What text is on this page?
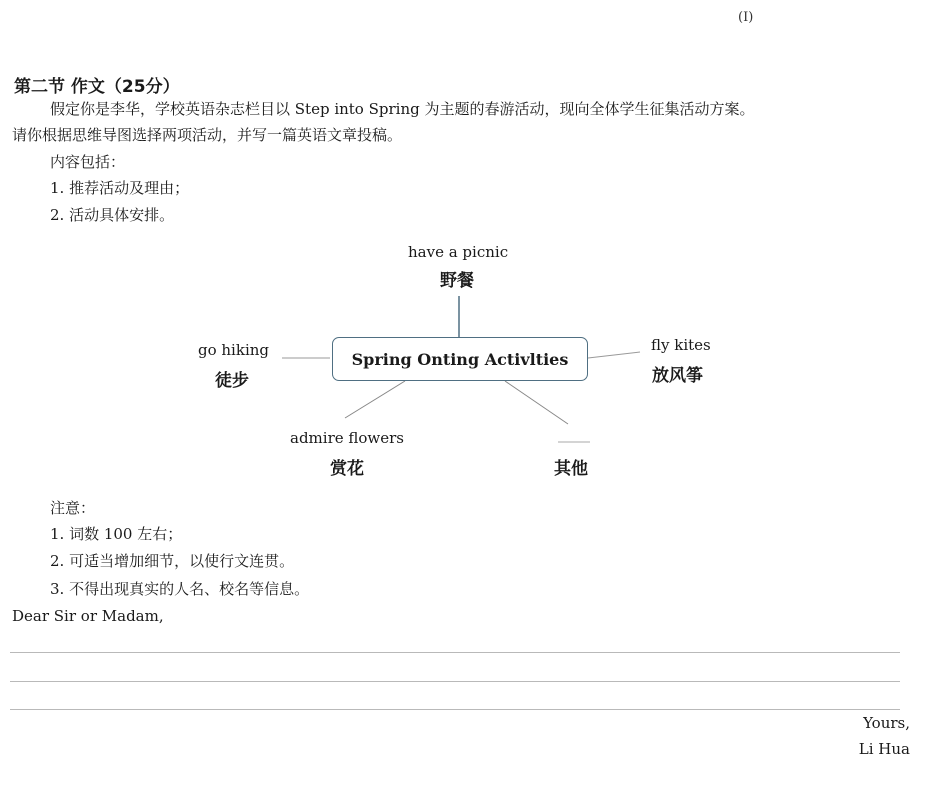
(I)
第二节 作文（25分）
假定你是李华，学校英语杂志栏目以 Step into Spring 为主题的春游活动，现向全体学生征集活动方案。
请你根据思维导图选择两项活动，并写一篇英语文章投稿。
内容包括：
1. 推荐活动及理由；
2. 活动具体安排。
Spring Onting Activlties
have a picnic
野餐
go hiking
徒步
fly kites
放风筝
admire flowers
赏花	其他
注意：
1. 词数 100 左右；
2. 可适当增加细节，以使行文连贯。
3. 不得出现真实的人名、校名等信息。
Dear Sir or Madam,
Yours,
Li Hua
